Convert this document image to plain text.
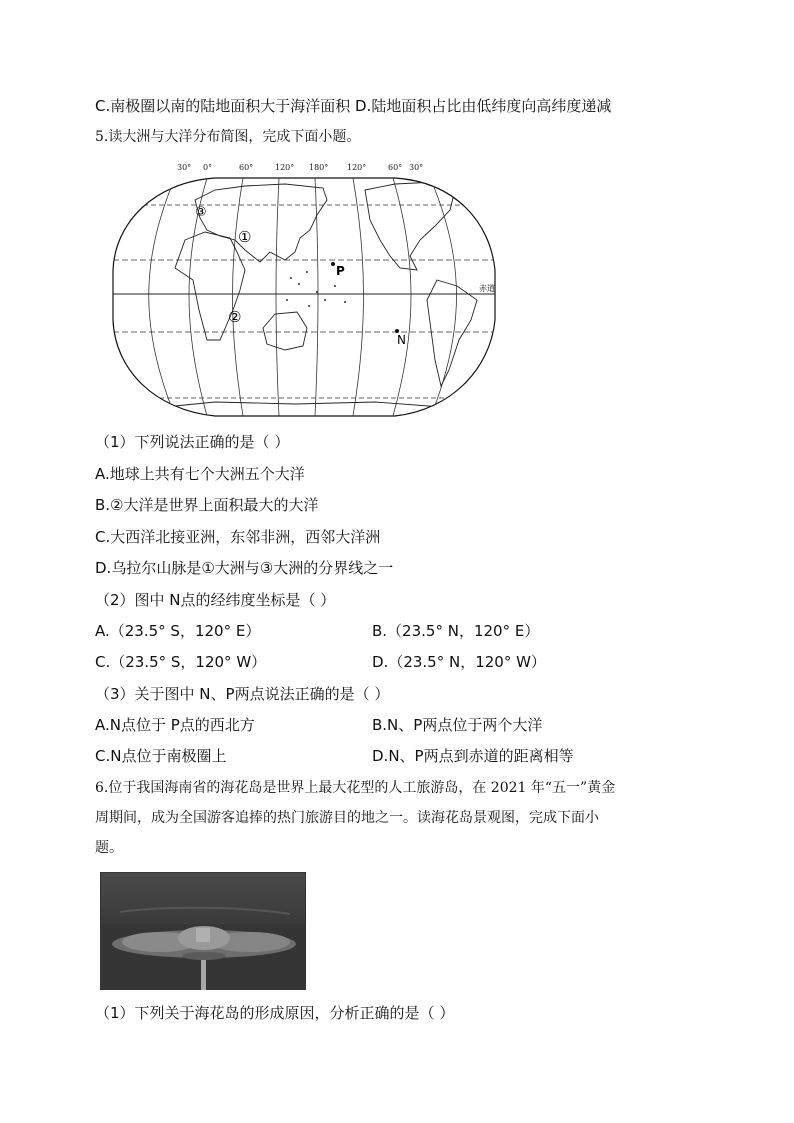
C.南极圈以南的陆地面积大于海洋面积 D.陆地面积占比由低纬度向高纬度递减
5.读大洲与大洋分布简图，完成下面小题。
30° 0°	60°	120° 180° 120°	60° 30°
①
②
③
P
N
赤道
（1）下列说法正确的是（ ）
A.地球上共有七个大洲五个大洋
B.②大洋是世界上面积最大的大洋
C.大西洋北接亚洲，东邻非洲，西邻大洋洲
D.乌拉尔山脉是①大洲与③大洲的分界线之一
（2）图中 N点的经纬度坐标是（ ）
A.（23.5° S，120° E）	B.（23.5° N，120° E）
C.（23.5° S，120° W）	D.（23.5° N，120° W）
（3）关于图中 N、P两点说法正确的是（ ）
A.N点位于 P点的西北方	B.N、P两点位于两个大洋
C.N点位于南极圈上	D.N、P两点到赤道的距离相等
6.位于我国海南省的海花岛是世界上最大花型的人工旅游岛，在 2021 年“五一”黄金
周期间，成为全国游客追捧的热门旅游目的地之一。读海花岛景观图，完成下面小
题。
（1）下列关于海花岛的形成原因，分析正确的是（ ）
